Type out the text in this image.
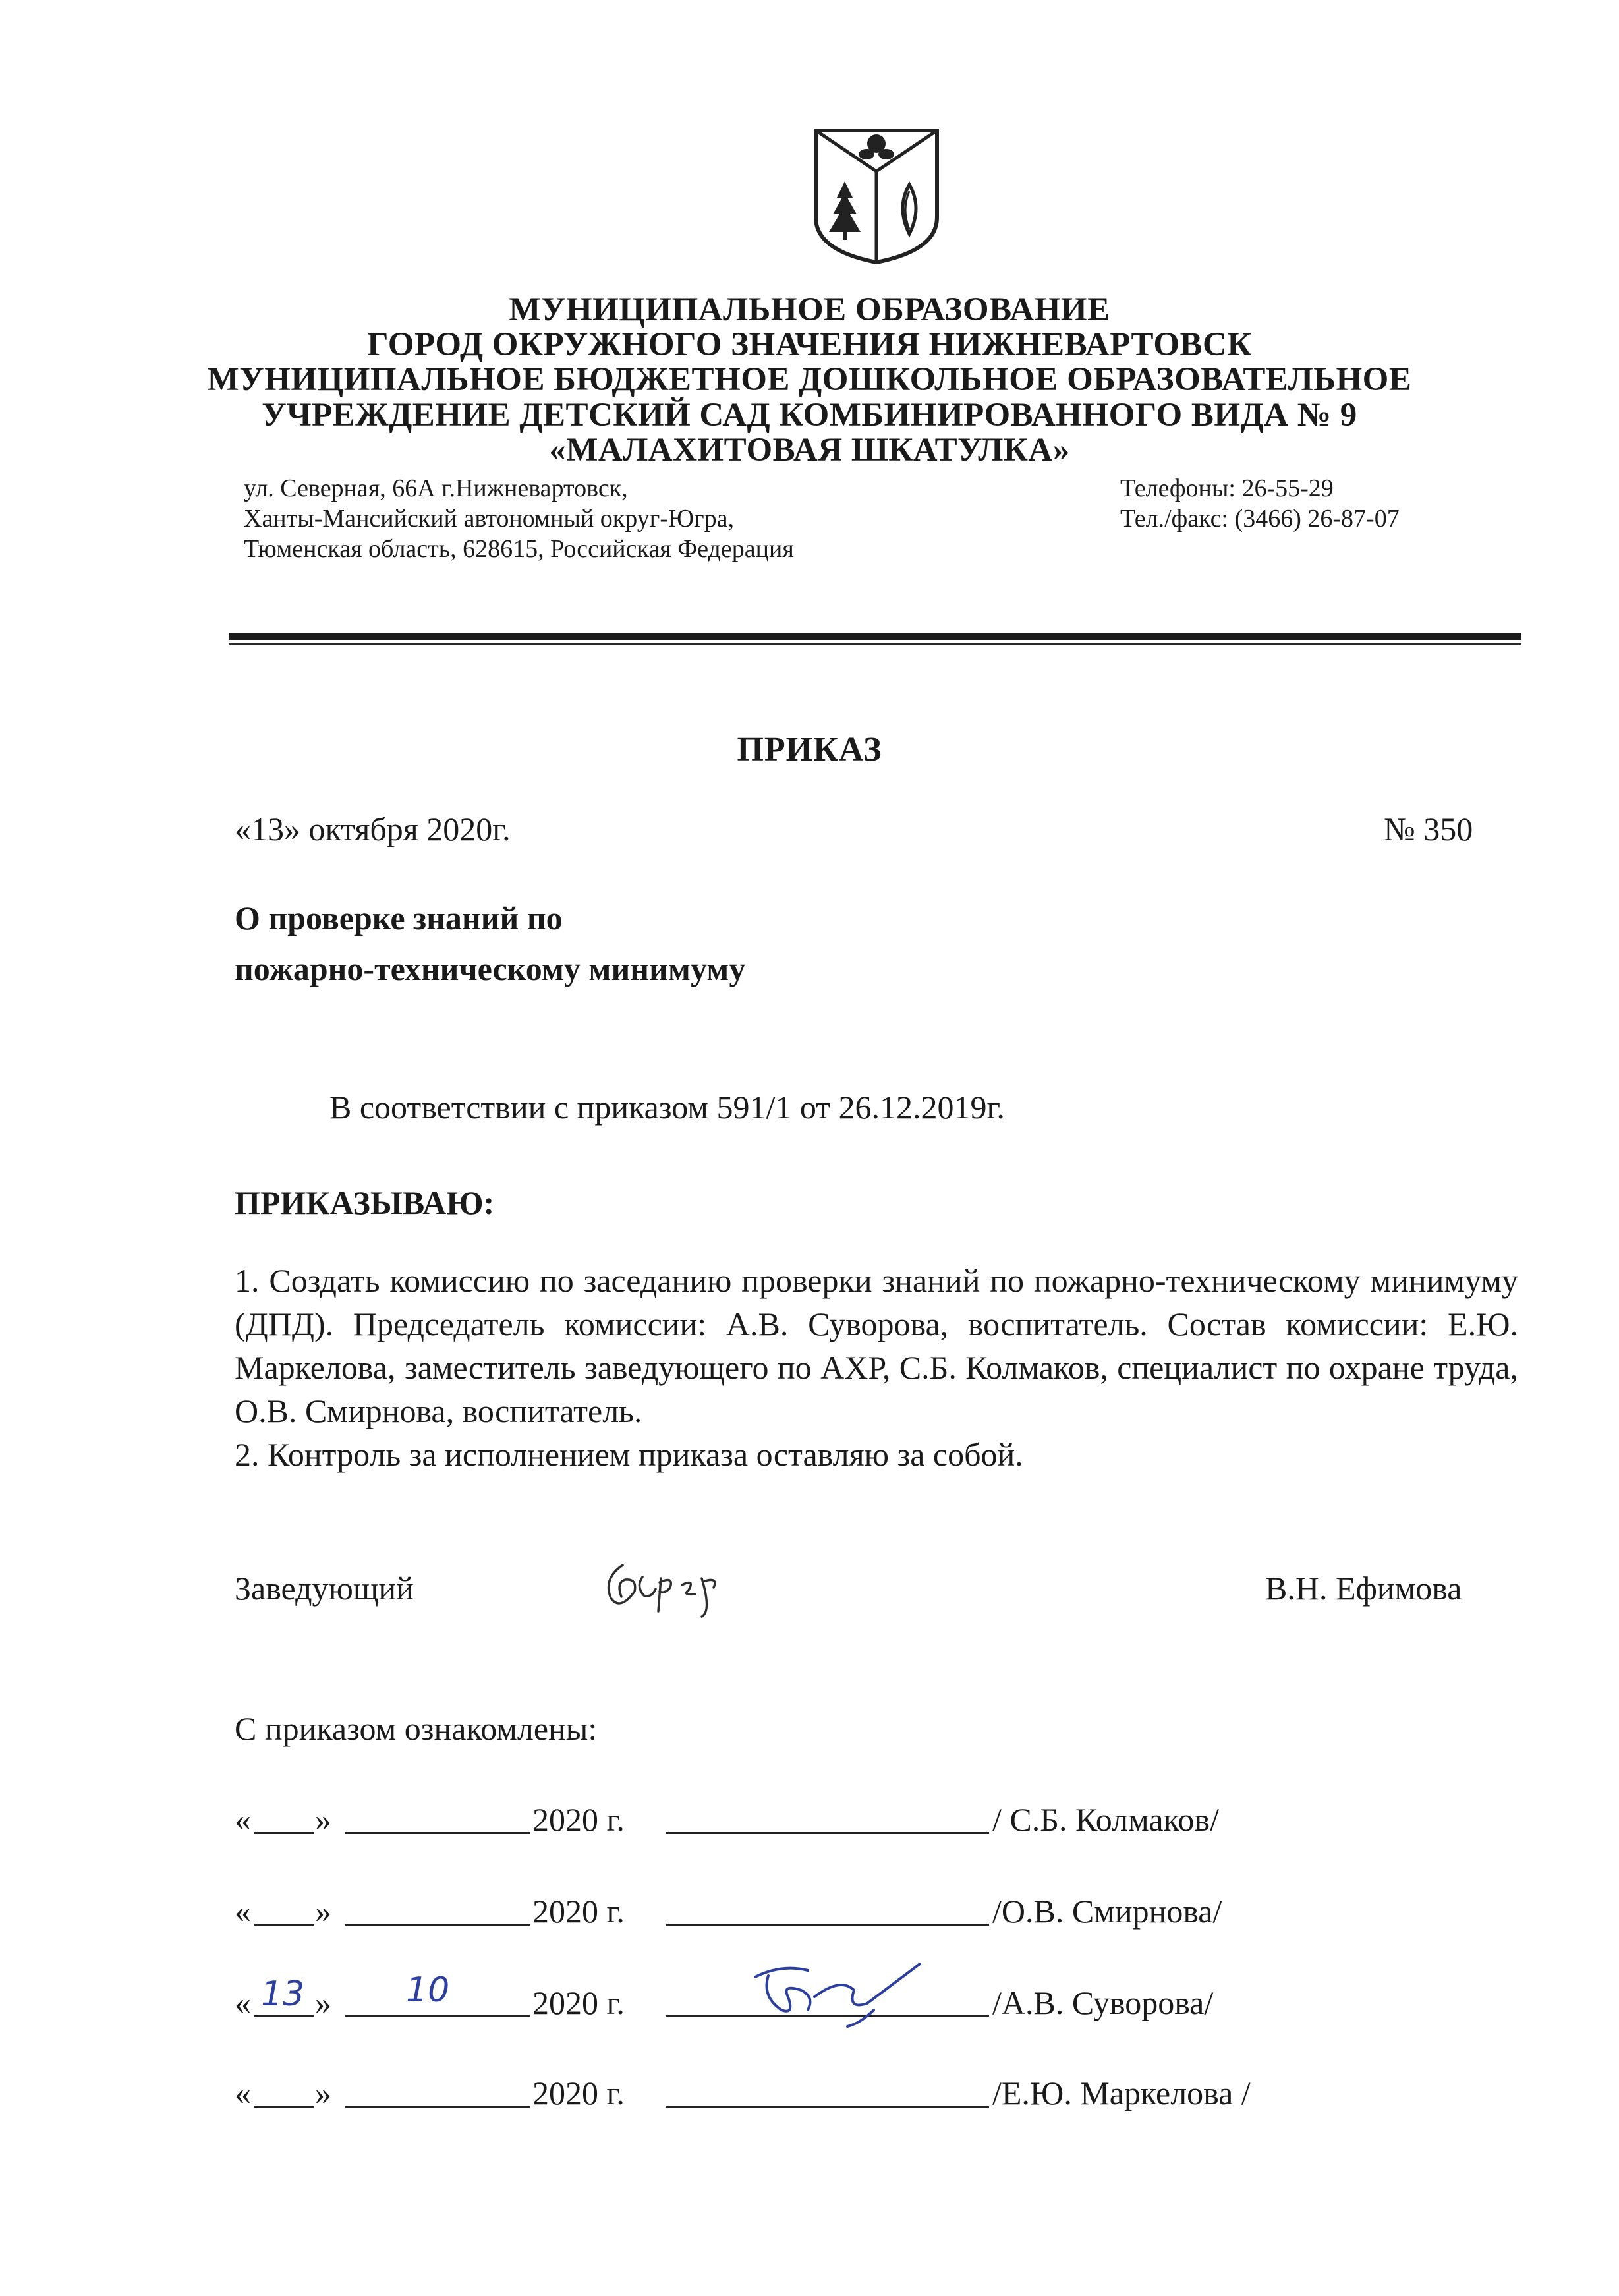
МУНИЦИПАЛЬНОЕ ОБРАЗОВАНИЕ
ГОРОД ОКРУЖНОГО ЗНАЧЕНИЯ НИЖНЕВАРТОВСК
МУНИЦИПАЛЬНОЕ БЮДЖЕТНОЕ ДОШКОЛЬНОЕ ОБРАЗОВАТЕЛЬНОЕ
УЧРЕЖДЕНИЕ ДЕТСКИЙ САД КОМБИНИРОВАННОГО ВИДА № 9
«МАЛАХИТОВАЯ ШКАТУЛКА»
ул. Северная, 66А г.Нижневартовск,
Ханты-Мансийский автономный округ-Югра,
Тюменская область, 628615, Российская Федерация
Телефоны: 26-55-29
Тел./факс: (3466) 26-87-07
ПРИКАЗ
«13» октября 2020г.	№ 350
О проверке знаний по
пожарно-техническому минимуму
В соответствии с приказом 591/1 от 26.12.2019г.
ПРИКАЗЫВАЮ:

1. Создать комиссию по заседанию проверки знаний по пожарно-техническому минимуму (ДПД). Председатель комиссии: А.В. Суворова, воспитатель. Состав комиссии: Е.Ю. Маркелова, заместитель заведующего по АХР, С.Б. Колмаков, специалист по охране труда, О.В. Смирнова, воспитатель.

2. Контроль за исполнением приказа оставляю за собой.

Заведующий	В.Н. Ефимова
С приказом ознакомлены:
« »	2020 г.	/ С.Б. Колмаков/
« »	2020 г.	/О.В. Смирнова/
« 13 » 10	2020 г.	/А.В. Суворова/
« »	2020 г.	/Е.Ю. Маркелова /
